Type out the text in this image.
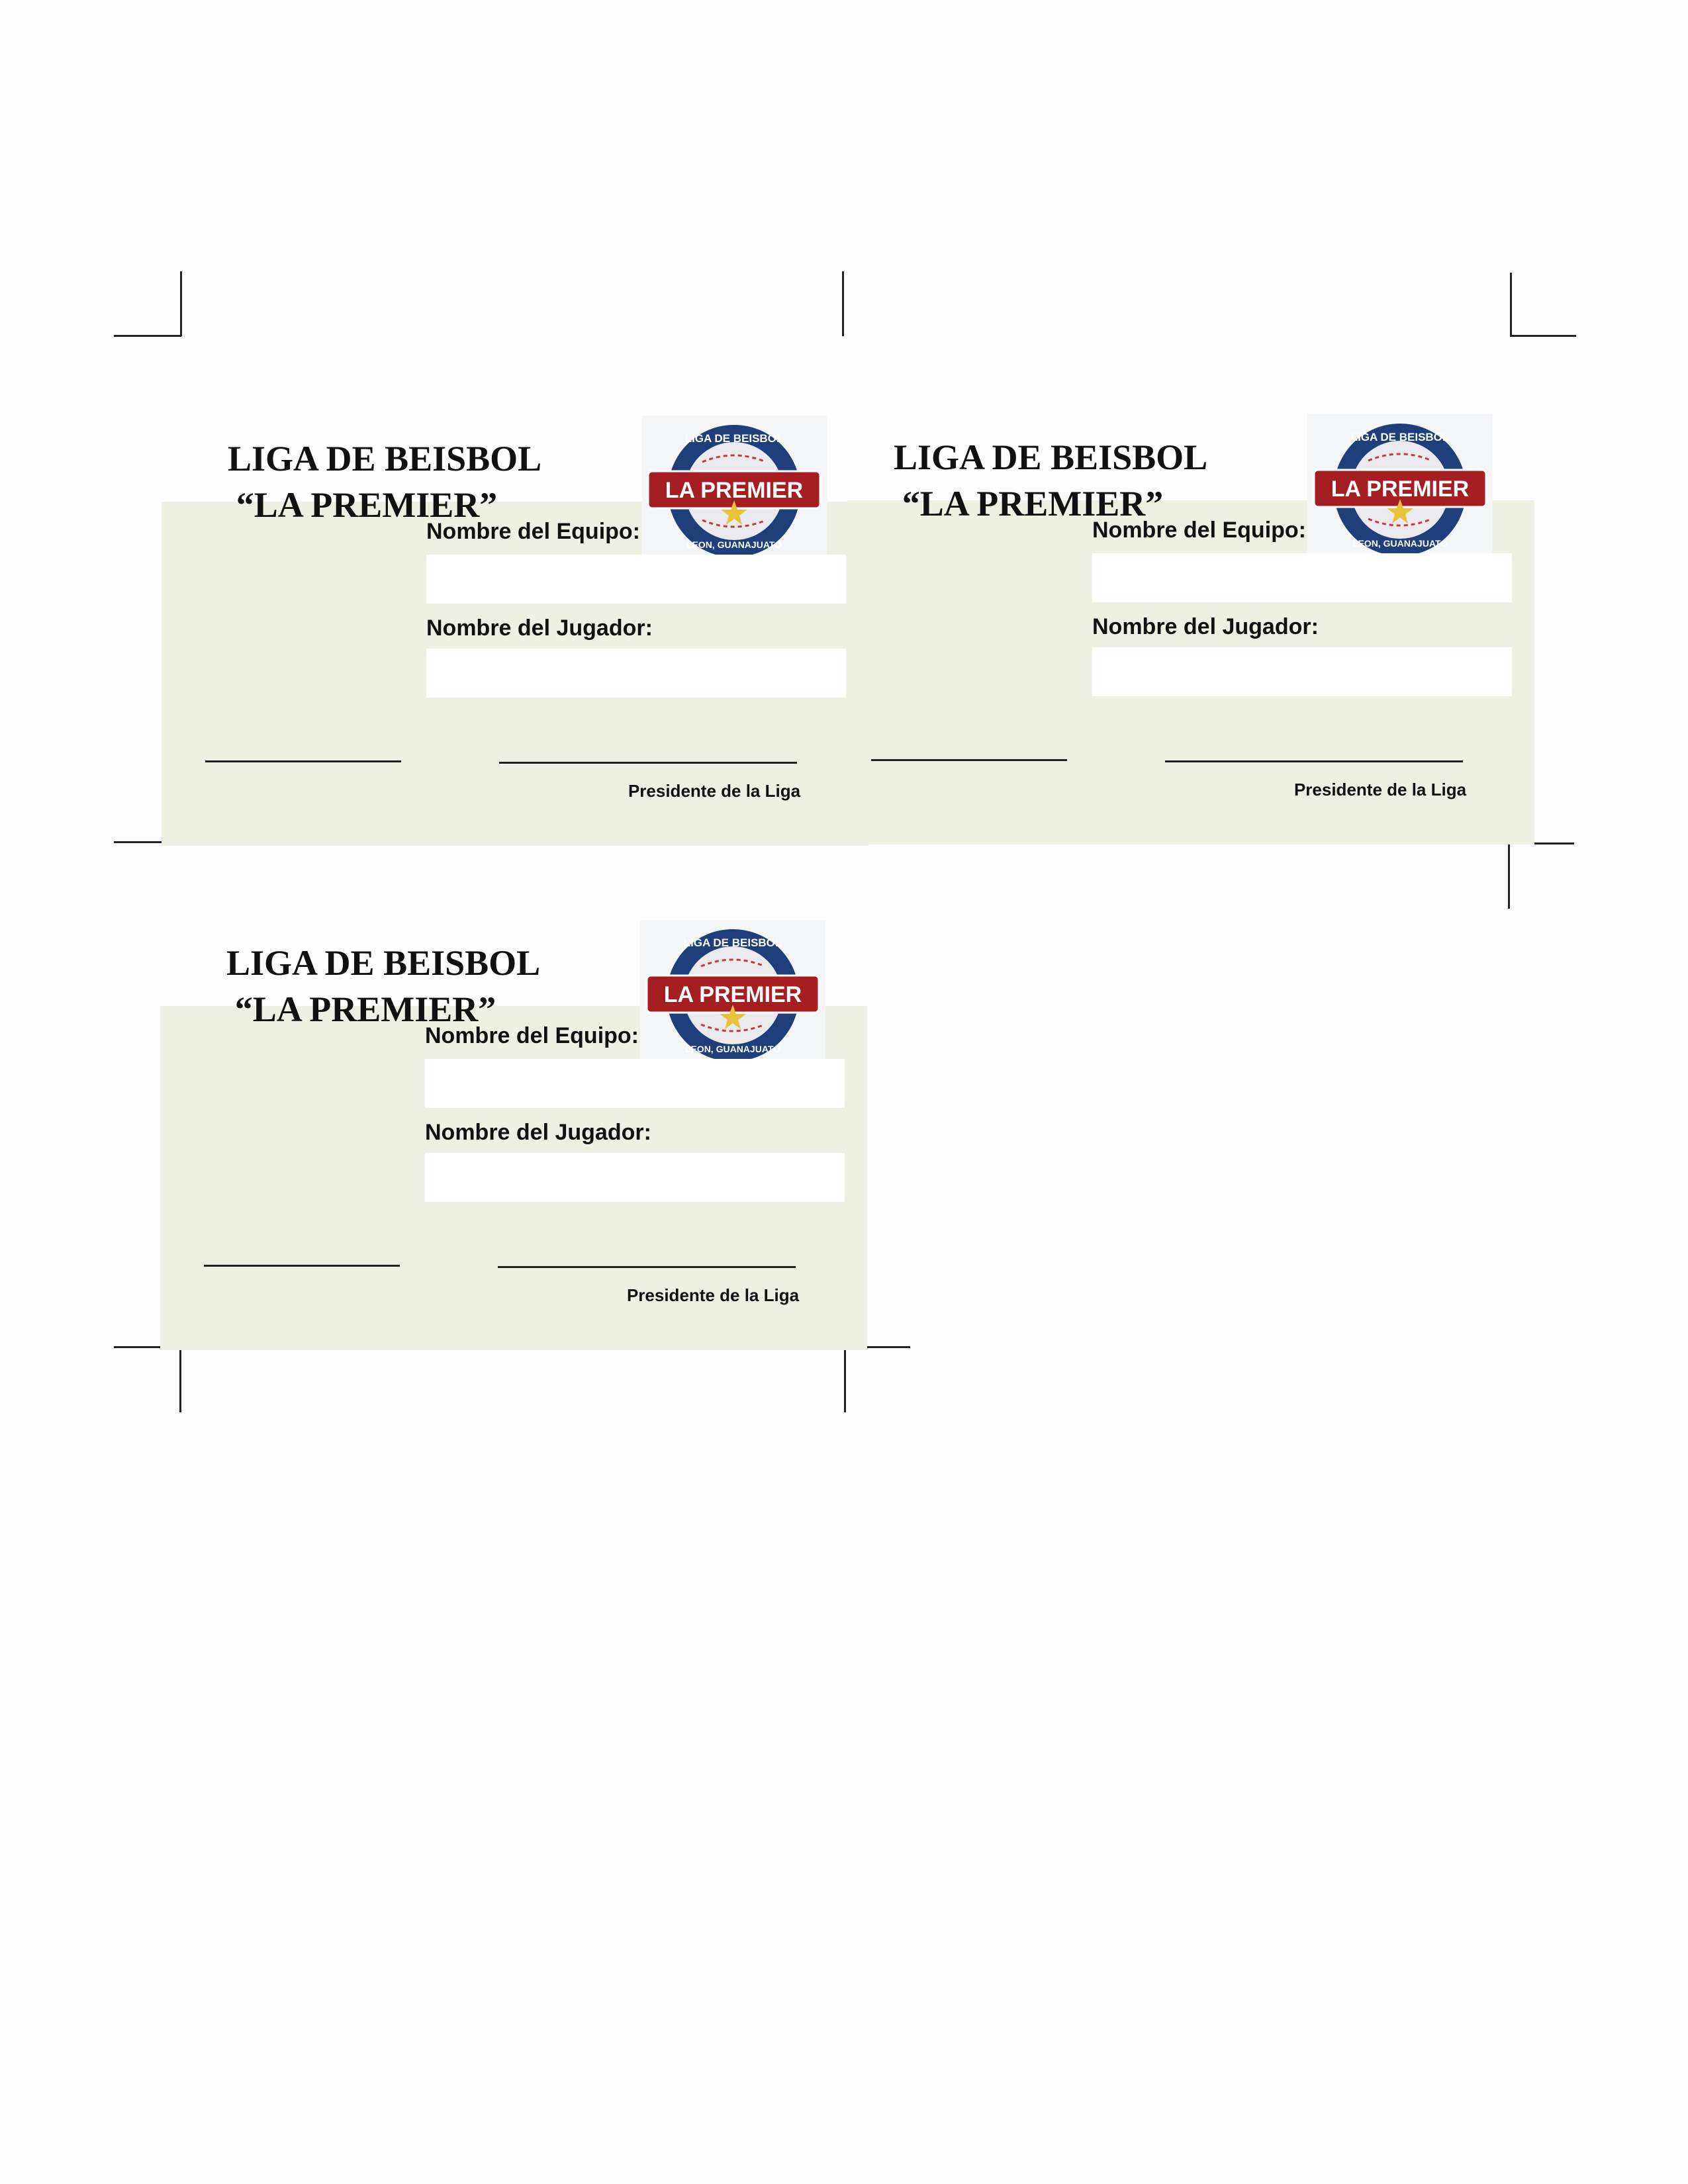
LIGA DE BEISBOL
“LA PREMIER”	LA PREMIER
LIGA DE BEISBOL
LEON, GUANAJUATO
Nombre del Equipo:
Nombre del Jugador:
Presidente de la Liga
LIGA DE BEISBOL
“LA PREMIER”	LA PREMIER
LIGA DE BEISBOL
LEON, GUANAJUATO
Nombre del Equipo:
Nombre del Jugador:
Presidente de la Liga
LIGA DE BEISBOL
“LA PREMIER”	LA PREMIER
LIGA DE BEISBOL
LEON, GUANAJUATO
Nombre del Equipo:
Nombre del Jugador:
Presidente de la Liga
